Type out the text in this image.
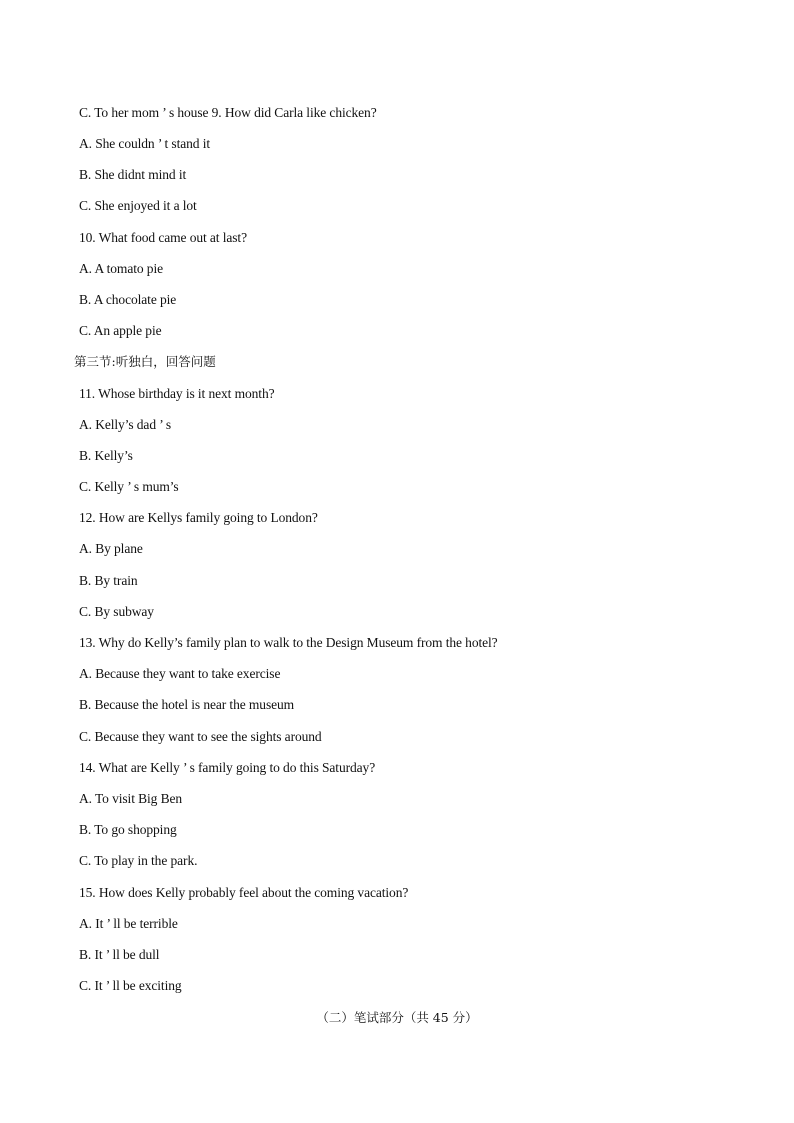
C. To her mom ’ s house 9. How did Carla like chicken?
A. She couldn ’ t stand it
B. She didnt mind it
C. She enjoyed it a lot
10. What food came out at last?
A. A tomato pie
B. A chocolate pie
C. An apple pie
第三节:听独白，回答问题
11. Whose birthday is it next month?
A. Kelly’s dad ’ s
B. Kelly’s
C. Kelly ’ s mum’s
12. How are Kellys family going to London?
A. By plane
B. By train
C. By subway
13. Why do Kelly’s family plan to walk to the Design Museum from the hotel?
A. Because they want to take exercise
B. Because the hotel is near the museum
C. Because they want to see the sights around
14. What are Kelly ’ s family going to do this Saturday?
A. To visit Big Ben
B. To go shopping
C. To play in the park.
15. How does Kelly probably feel about the coming vacation?
A. It ’ ll be terrible
B. It ’ ll be dull
C. It ’ ll be exciting
（二）笔试部分（共 45 分）
